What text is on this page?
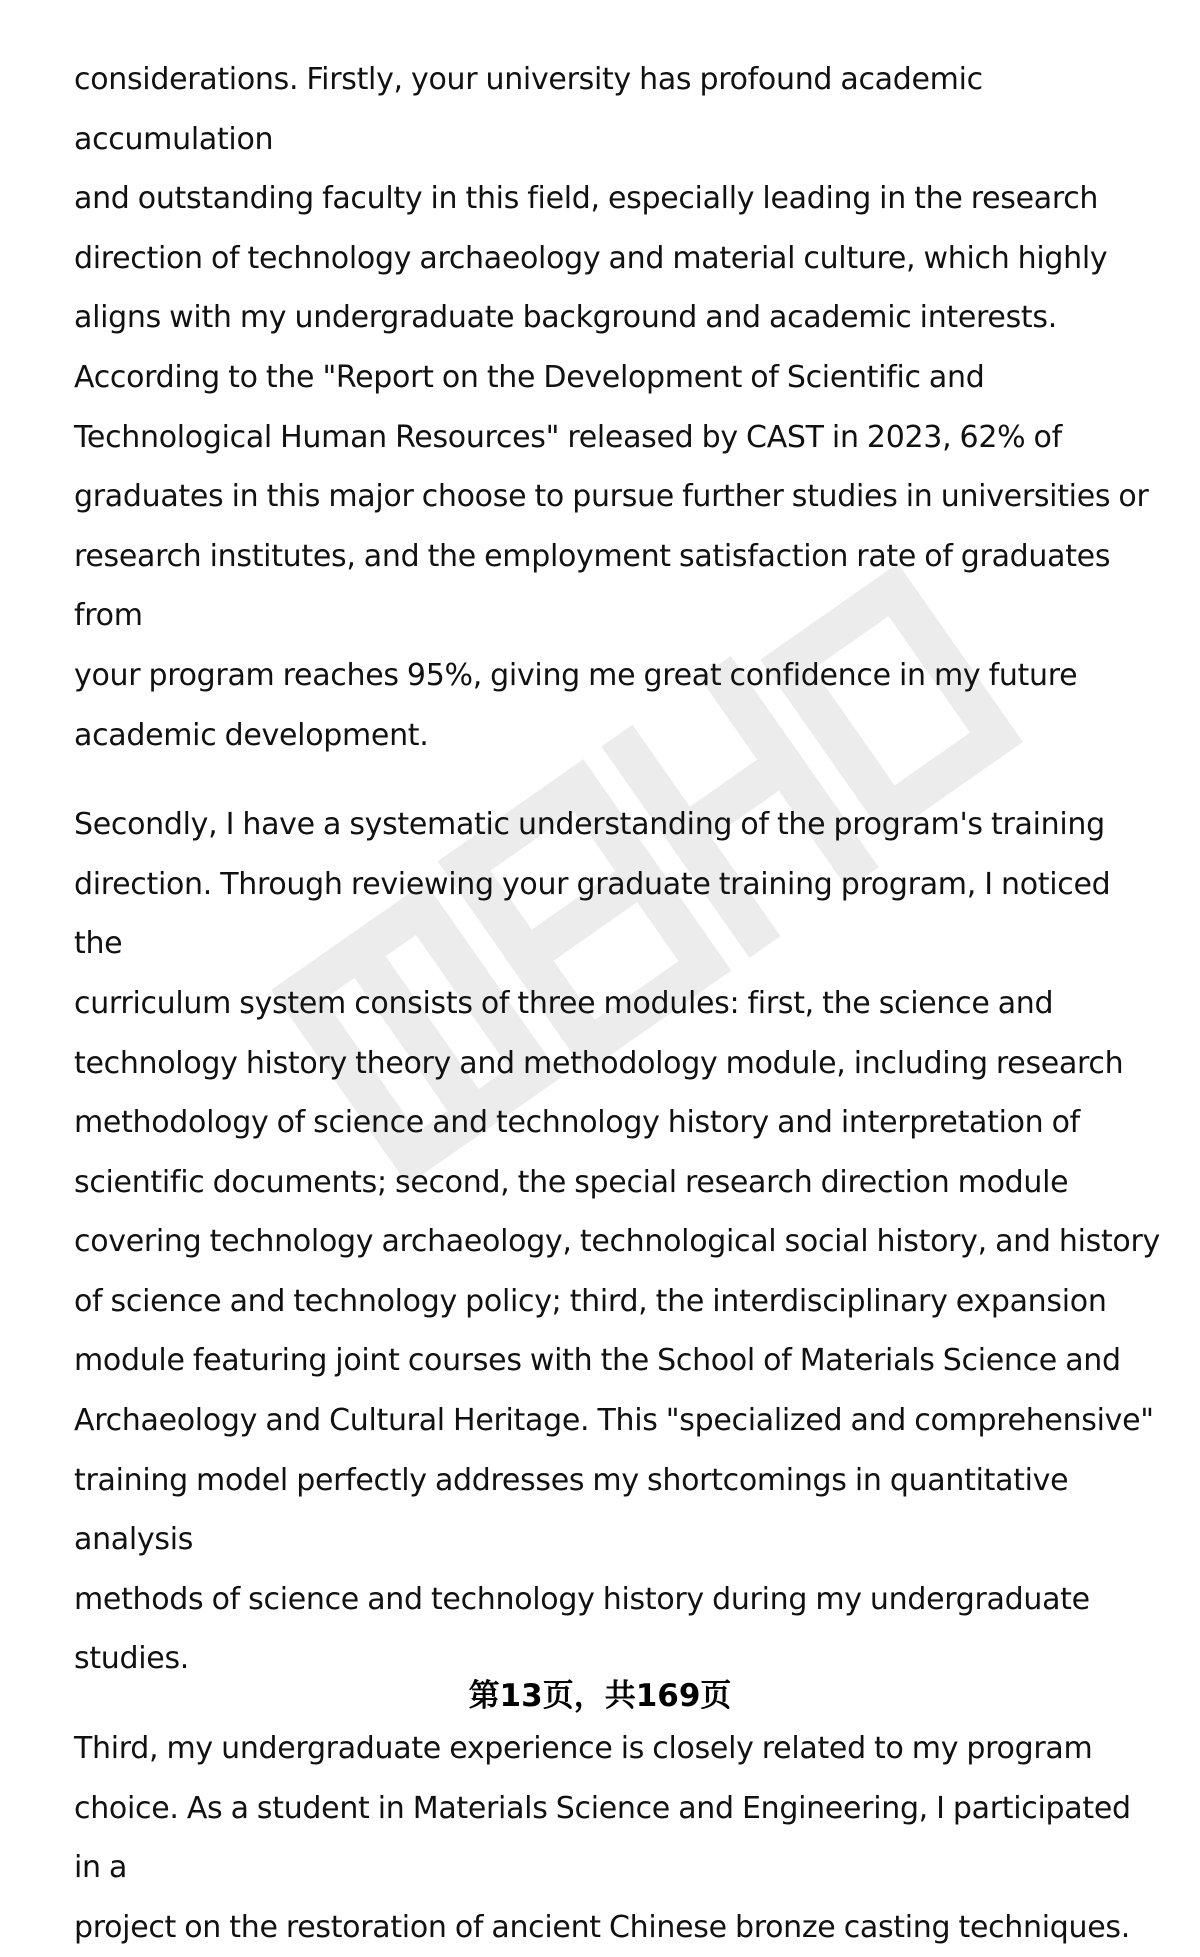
considerations. Firstly, your university has profound academic accumulation
and outstanding faculty in this field, especially leading in the research
direction of technology archaeology and material culture, which highly
aligns with my undergraduate background and academic interests.
According to the "Report on the Development of Scientific and
Technological Human Resources" released by CAST in 2023, 62% of
graduates in this major choose to pursue further studies in universities or
research institutes, and the employment satisfaction rate of graduates from
your program reaches 95%, giving me great confidence in my future
academic development.

Secondly, I have a systematic understanding of the program's training
direction. Through reviewing your graduate training program, I noticed the
curriculum system consists of three modules: first, the science and
technology history theory and methodology module, including research
methodology of science and technology history and interpretation of
scientific documents; second, the special research direction module
covering technology archaeology, technological social history, and history
of science and technology policy; third, the interdisciplinary expansion
module featuring joint courses with the School of Materials Science and
Archaeology and Cultural Heritage. This "specialized and comprehensive"
training model perfectly addresses my shortcomings in quantitative analysis
methods of science and technology history during my undergraduate
studies.

Third, my undergraduate experience is closely related to my program
choice. As a student in Materials Science and Engineering, I participated in a
project on the restoration of ancient Chinese bronze casting techniques.

第13页，共169页
